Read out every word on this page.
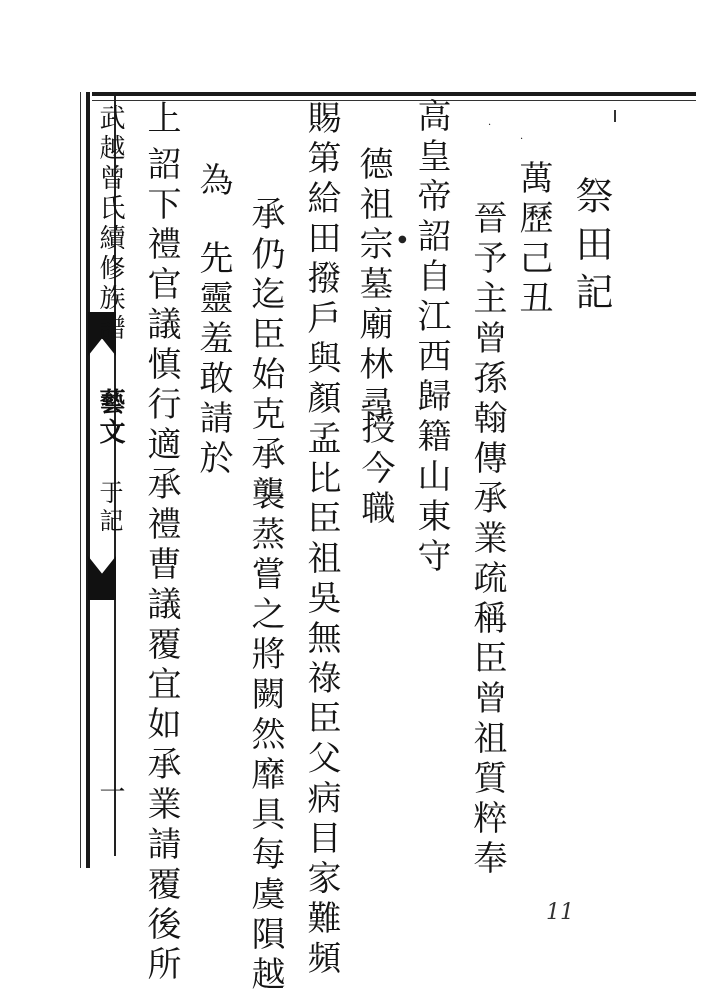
武越曾氏續修族譜
藝文
于記
一
祭田記
萬歷己丑
晉予主曾孫翰傳承業疏稱臣曾祖質粹奉
高皇帝詔自江西歸籍山東守
德祖宗墓廟林尋
授今職
賜第給田撥戶與顏孟比臣祖吳無祿臣父病目家難頻
承仍迄臣始克承襲蒸嘗之將闕然靡具每虞隕越
為
先靈羞敢請於
上
詔下禮官議慎行適承禮曹議覆宜如承業請覆後所
·
·
●
11
